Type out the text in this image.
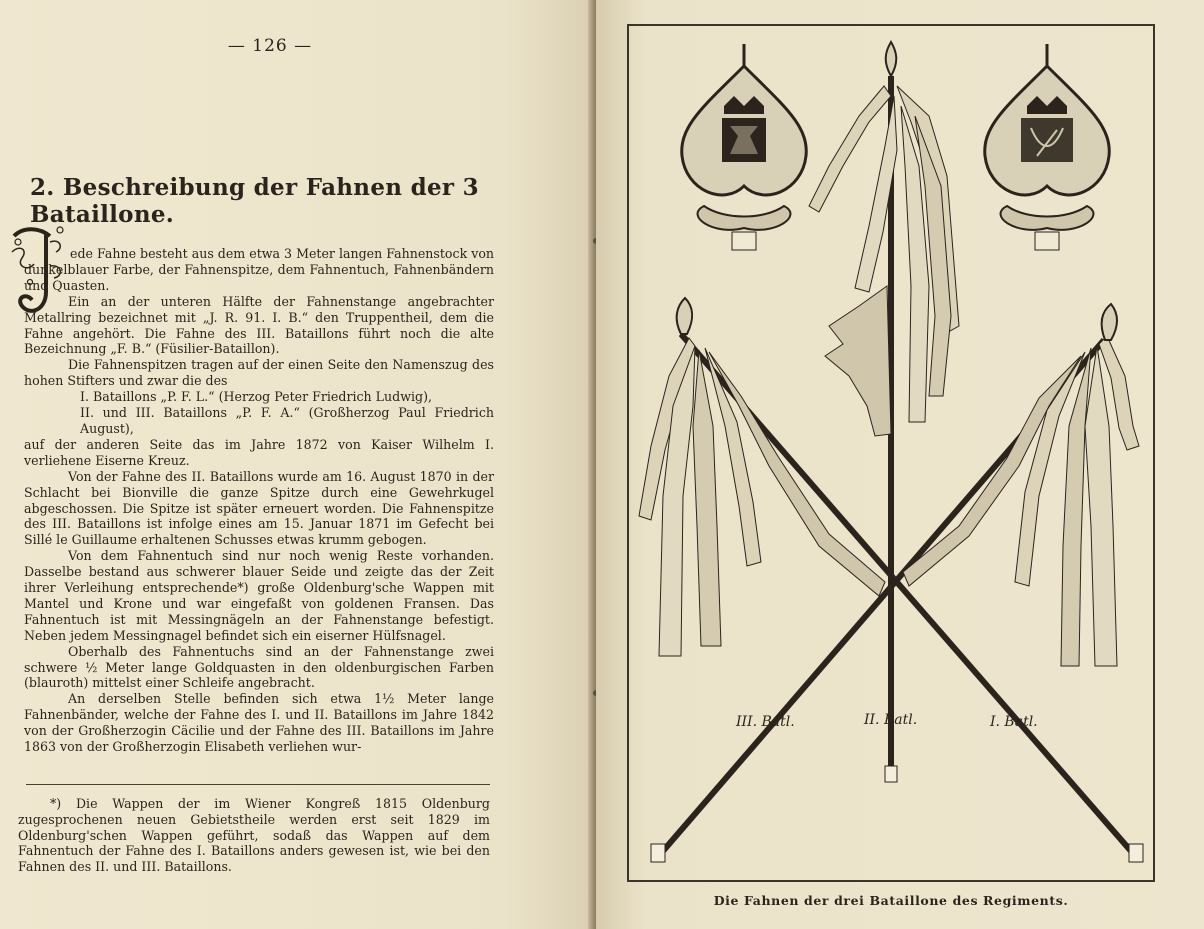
— 126 —
2. Beschreibung der Fahnen der 3 Bataillone.

ede Fahne besteht aus dem etwa 3 Meter langen Fahnenstock von dunkelblauer Farbe, der Fahnenspitze, dem Fahnentuch, Fahnenbändern und Quasten.

Ein an der unteren Hälfte der Fahnenstange angebrachter Metallring bezeichnet mit „J. R. 91. I. B.“ den Truppentheil, dem die Fahne angehört. Die Fahne des III. Bataillons führt noch die alte Bezeichnung „F. B.“ (Füsilier-Bataillon).

Die Fahnenspitzen tragen auf der einen Seite den Namenszug des hohen Stifters und zwar die des

I. Bataillons „P. F. L.“ (Herzog Peter Friedrich Ludwig),

II. und III. Bataillons „P. F. A.“ (Großherzog Paul Friedrich August),

auf der anderen Seite das im Jahre 1872 von Kaiser Wilhelm I. verliehene Eiserne Kreuz.

Von der Fahne des II. Bataillons wurde am 16. August 1870 in der Schlacht bei Bionville die ganze Spitze durch eine Gewehrkugel abgeschossen. Die Spitze ist später erneuert worden. Die Fahnenspitze des III. Bataillons ist infolge eines am 15. Januar 1871 im Gefecht bei Sillé le Guillaume erhaltenen Schusses etwas krumm gebogen.

Von dem Fahnentuch sind nur noch wenig Reste vorhanden. Dasselbe bestand aus schwerer blauer Seide und zeigte das der Zeit ihrer Verleihung entsprechende*) große Oldenburg'sche Wappen mit Mantel und Krone und war eingefaßt von goldenen Fransen. Das Fahnentuch ist mit Messingnägeln an der Fahnenstange befestigt. Neben jedem Messingnagel befindet sich ein eiserner Hülfsnagel.

Oberhalb des Fahnentuchs sind an der Fahnenstange zwei schwere ½ Meter lange Goldquasten in den oldenburgischen Farben (blauroth) mittelst einer Schleife angebracht.

An derselben Stelle befinden sich etwa 1½ Meter lange Fahnenbänder, welche der Fahne des I. und II. Bataillons im Jahre 1842 von der Großherzogin Cäcilie und der Fahne des III. Bataillons im Jahre 1863 von der Großherzogin Elisabeth verliehen wur-

*) Die Wappen der im Wiener Kongreß 1815 Oldenburg zugesprochenen neuen Gebietstheile werden erst seit 1829 im Oldenburg'schen Wappen geführt, sodaß das Wappen auf dem Fahnentuch der Fahne des I. Bataillons anders gewesen ist, wie bei den Fahnen des II. und III. Bataillons.

III. Batl.	II. Batl.	I. Batl.
Die Fahnen der drei Bataillone des Regiments.
